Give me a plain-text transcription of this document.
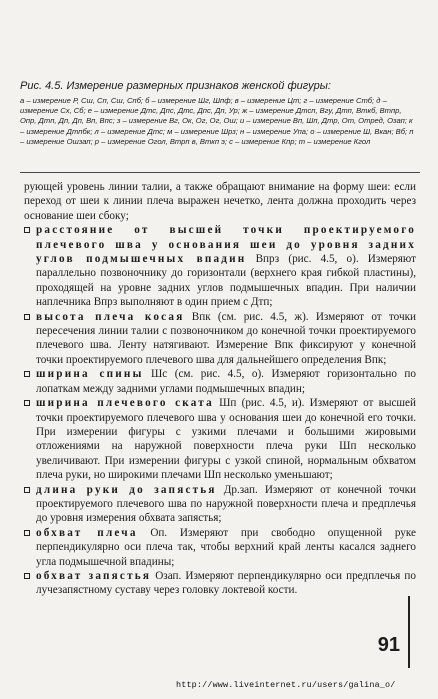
Рис. 4.5. Измерение размерных признаков женской фигуры:

а – измерение Р, Сш, Сп, Сш, Спб; б – измерение Шг, Шпф; в – измерение Цт; г – измерение Стб; д – измерение Сх, Сб; е – измерение Дтс, Дпс, Дтс, Дпс, Дп, Ур; ж – измерение Дтсп, Вгу, Дтп, Вткб, Втпр, Опр, Дтп, Дп, Дп, Вп, Впс; з – измерение Вг, Ок, Ог, Ог, Ош; и – измерение Вп, Шп, Дтр, От, Отред, Озап; к – измерение Дтпбк; л – измерение Дтс; м – измерение Шрз; н – измерение Упа; о – измерение Ш, Вкан; Вб; п – измерение Ошзап; р – измерение Огол, Втрп в, Вткп э; с – измерение Кпр; т – измерение Кгол

рующей уровень линии талии, а также обращают внимание на форму шеи: если переход от шеи к линии плеча выражен нечетко, лента должна проходить через основание шеи сбоку;

расстояние от высшей точки проектируемого плечевого шва у основания шеи до уровня задних углов подмышечных впадин Впрз (рис. 4.5, о). Измеряют параллельно позвоночнику до горизонтали (верхнего края гибкой пластины), проходящей на уровне задних углов подмышечных впадин. При наличии наплечника Впрз выполняют в один прием с Дтп;

высота плеча косая Впк (см. рис. 4.5, ж). Измеряют от точки пересечения линии талии с позвоночником до конечной точки проектируемого плечевого шва. Ленту натягивают. Измерение Впк фиксируют у конечной точки проектируемого плечевого шва для дальнейшего определения Впк;

ширина спины Шс (см. рис. 4.5, о). Измеряют горизонтально по лопаткам между задними углами подмышечных впадин;

ширина плечевого ската Шп (рис. 4.5, и). Измеряют от высшей точки проектируемого плечевого шва у основания шеи до конечной его точки. При измерении фигуры с узкими плечами и большими жировыми отложениями на наружной поверхности плеча руки Шп несколько увеличивают. При измерении фигуры с узкой спиной, нормальным обхватом плеча руки, но широкими плечами Шп несколько уменьшают;

длина руки до запястья Др.зап. Измеряют от конечной точки проектируемого плечевого шва по наружной поверхности плеча и предплечья до уровня измерения обхвата запястья;

обхват плеча Оп. Измеряют при свободно опущенной руке перпендикулярно оси плеча так, чтобы верхний край ленты касался заднего угла подмышечной впадины;

обхват запястья Озап. Измеряют перпендикулярно оси предплечья по лучезапястному суставу через головку локтевой кости.

91
http://www.liveinternet.ru/users/galina_o/
